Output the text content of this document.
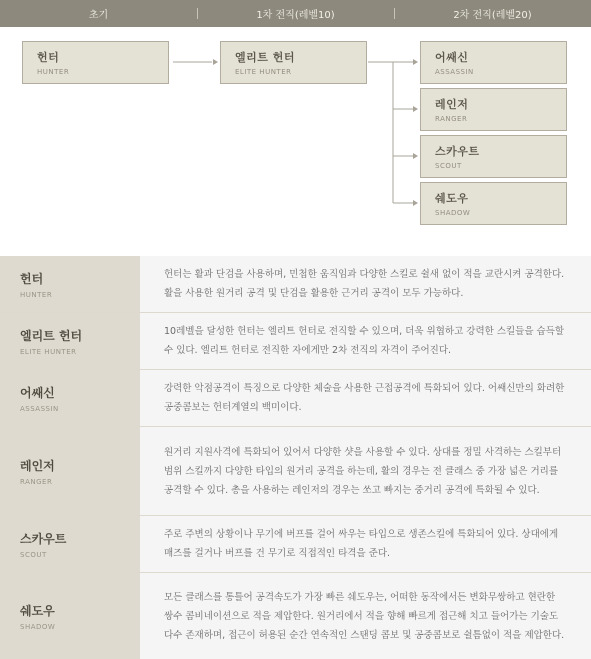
초기	1차 전직(레벨10)	2차 전직(레벨20)
헌터
HUNTER
엘리트 헌터
ELITE HUNTER
어쌔신
ASSASSIN
레인저
RANGER
스카우트
SCOUT
쉐도우
SHADOW
헌터
HUNTER
헌터는 활과 단검을 사용하며, 민첩한 움직임과 다양한 스킬로 쉴새 없이 적을 교란시켜 공격한다. 활을 사용한 원거리 공격 및 단검을 활용한 근거리 공격이 모두 가능하다.
엘리트 헌터
ELITE HUNTER
10레벨을 달성한 헌터는 엘리트 헌터로 전직할 수 있으며, 더욱 위협하고 강력한 스킬들을 습득할 수 있다. 엘리트 헌터로 전직한 자에게만 2차 전직의 자격이 주어진다.
어쌔신
ASSASSIN
강력한 악점공격이 특징으로 다양한 체술을 사용한 근접공격에 특화되어 있다. 어쌔신만의 화려한 공중콤보는 헌터계열의 백미이다.
레인저
RANGER
원거리 지원사격에 특화되어 있어서 다양한 샷을 사용할 수 있다. 상대를 정밀 사격하는 스킬부터 범위 스킬까지 다양한 타입의 원거리 공격을 하는데, 활의 경우는 전 클래스 중 가장 넓은 거리를 공격할 수 있다. 총을 사용하는 레인저의 경우는 쏘고 빠지는 중거리 공격에 특화될 수 있다.
스카우트
SCOUT
주로 주변의 상황이나 무기에 버프를 걸어 싸우는 타입으로 생존스킬에 특화되어 있다. 상대에게 매즈를 걸거나 버프를 건 무기로 직접적인 타격을 준다.
쉐도우
SHADOW
모든 클래스를 통틀어 공격속도가 가장 빠른 쉐도우는, 어떠한 동작에서든 변화무쌍하고 현란한 쌍수 콤비네이션으로 적을 제압한다. 원거리에서 적을 향해 빠르게 접근해 치고 들어가는 기술도 다수 존재하며, 접근이 허용된 순간 연속적인 스탠딩 콤보 및 공중콤보로 쉴틈없이 적을 제압한다.
